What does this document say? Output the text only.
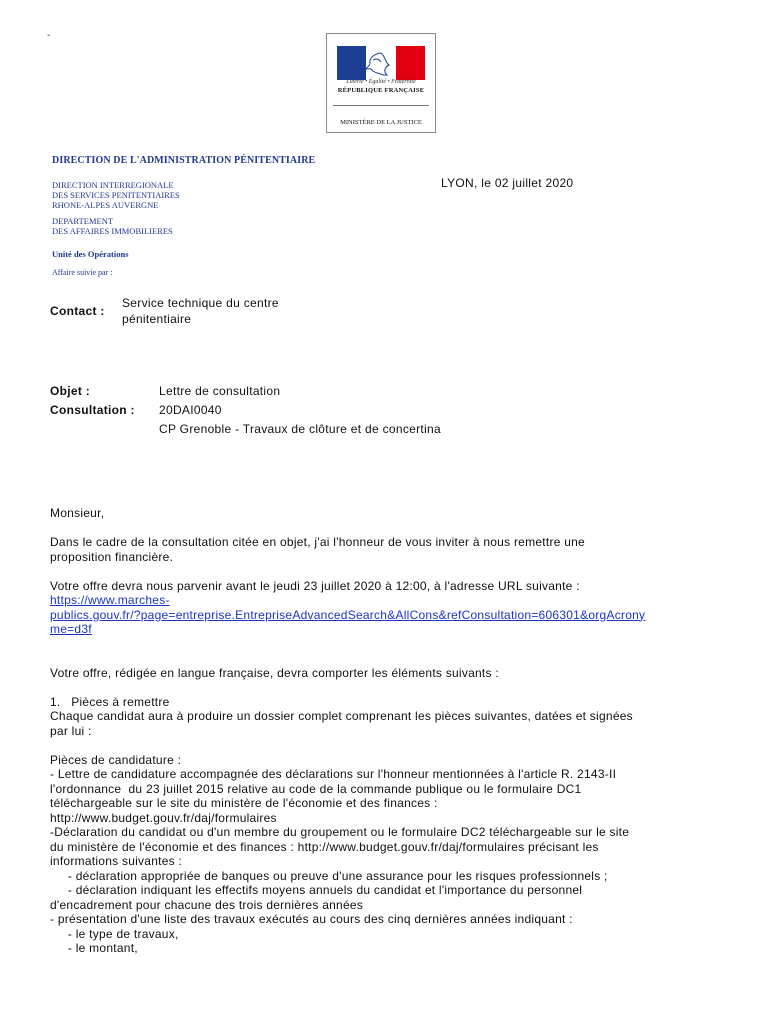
-
Liberté • Égalité • Fraternité
RÉPUBLIQUE FRANÇAISE
MINISTÈRE DE LA JUSTICE
DIRECTION DE L'ADMINISTRATION PÉNITENTIAIRE
DIRECTION INTERREGIONALE
DES SERVICES PENITENTIAIRES
RHONE-ALPES AUVERGNE
DEPARTEMENT
DES AFFAIRES IMMOBILIERES
Unité des Opérations
Affaire suivie par :
LYON, le 02 juillet 2020
Contact :
Service technique du centre
pénitentiaire
Objet :	Lettre de consultation
Consultation : 20DAI0040
CP Grenoble - Travaux de clôture et de concertina

Monsieur,

Dans le cadre de la consultation citée en objet, j'ai l'honneur de vous inviter à nous remettre une

proposition financière.

Votre offre devra nous parvenir avant le jeudi 23 juillet 2020 à 12:00, à l'adresse URL suivante :

https://www.marches-

publics.gouv.fr/?page=entreprise.EntrepriseAdvancedSearch&AllCons&refConsultation=606301&orgAcrony

me=d3f

Votre offre, rédigée en langue française, devra comporter les éléments suivants :

1.   Pièces à remettre

Chaque candidat aura à produire un dossier complet comprenant les pièces suivantes, datées et signées

par lui :

Pièces de candidature :

- Lettre de candidature accompagnée des déclarations sur l'honneur mentionnées à l'article R. 2143-II

l'ordonnance  du 23 juillet 2015 relative au code de la commande publique ou le formulaire DC1

téléchargeable sur le site du ministère de l'économie et des finances :

http://www.budget.gouv.fr/daj/formulaires

-Déclaration du candidat ou d'un membre du groupement ou le formulaire DC2 téléchargeable sur le site

du ministère de l'économie et des finances : http://www.budget.gouv.fr/daj/formulaires précisant les

informations suivantes :

- déclaration appropriée de banques ou preuve d'une assurance pour les risques professionnels ;

- déclaration indiquant les effectifs moyens annuels du candidat et l'importance du personnel

d'encadrement pour chacune des trois dernières années

- présentation d'une liste des travaux exécutés au cours des cinq dernières années indiquant :

- le type de travaux,

- le montant,
